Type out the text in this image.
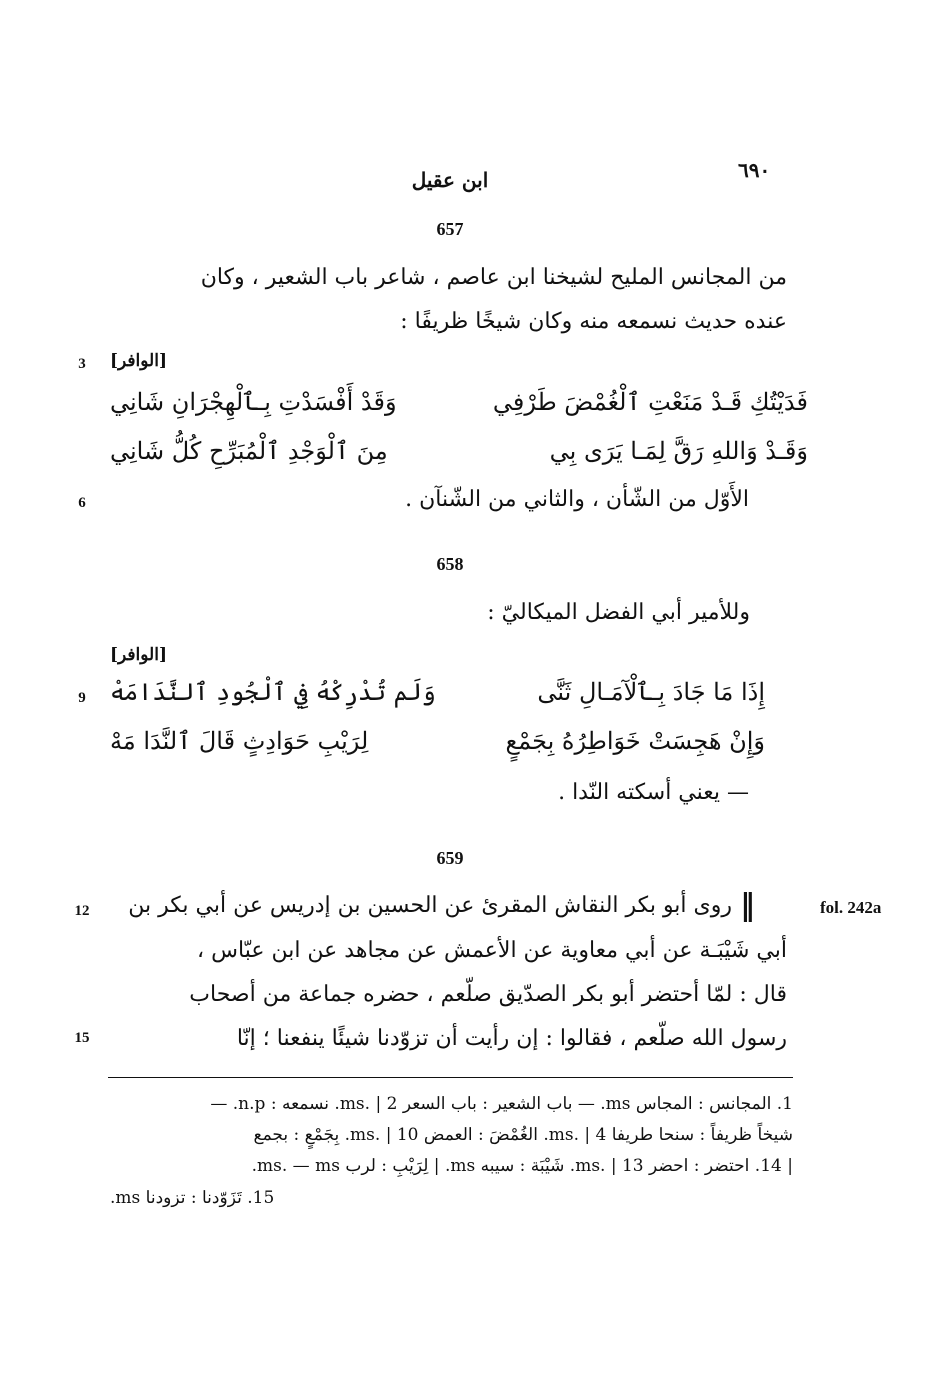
٦٩٠
ابن عقيل
657
من المجانس المليح لشيخنا ابن عاصم ، شاعر باب الشعير ، وكان
عنده حديث نسمعه منه وكان شيخًا ظريفًا :
3	[الوافر]
فَدَيْتُكِ قَـدْ مَنَعْتِ ٱلْغُمْضَ طَرْفِي
وَقَدْ أَفْسَدْتِ بِـٱلْهِجْرَانِ شَانِي
وَقَـدْ وَاللهِ رَقَّ لِمَـا يَرَى بِي
مِنَ ٱلْوَجْدِ ٱلْمُبَرِّحِ كُلُّ شَانِي
6	الأَوّل من الشّأن ، والثاني من الشّنآن .
658
وللأمير أبي الفضل الميكاليّ :
[الوافر]
9	إِذَا مَا جَادَ بِـٱلْآمَـالِ ثَنَّى
وَلَم تُدْرِكْهُ فِي ٱلْجُودِ ٱلنَّدَامَهْ
وَإِنْ هَجِسَتْ خَوَاطِرُهُ بِجَمْعٍ
لِرَيْبِ حَوَادِثٍ قَالَ ٱلنَّدَا مَهْ
— يعني أسكته النّدا .
659
fol. 242a
12	‖
روى أبو بكر النقاش المقرئ عن الحسين بن إدريس عن أبي بكر بن
أبي شَيْبَـة عن أبي معاوية عن الأعمش عن مجاهد عن ابن عبّاس ،
قال : لمّا أحتضر أبو بكر الصدّيق صلّعم ، حضره جماعة من أصحاب
15	رسول الله صلّعم ، فقالوا : إن رأيت أن تزوّدنا شيئًا ينفعنا ؛ إنّا
1. المجانس : المجاس ms. — باب الشعير : باب السعر ms. | 2. نسمعه : n.p. —
شيخاً ظريفاً : سنحا طريفا ms. | 4. الغُمْضَ : العمض ms. | 10. بِجَمْعٍ : بجمع
| 14. احتضر : احضر ms. | 13. شَيْبَة : سيبه ms. | لِرَيْبِ : لرب ms. — ms.
15. تَزَوّدنا : تزودنا ms.
